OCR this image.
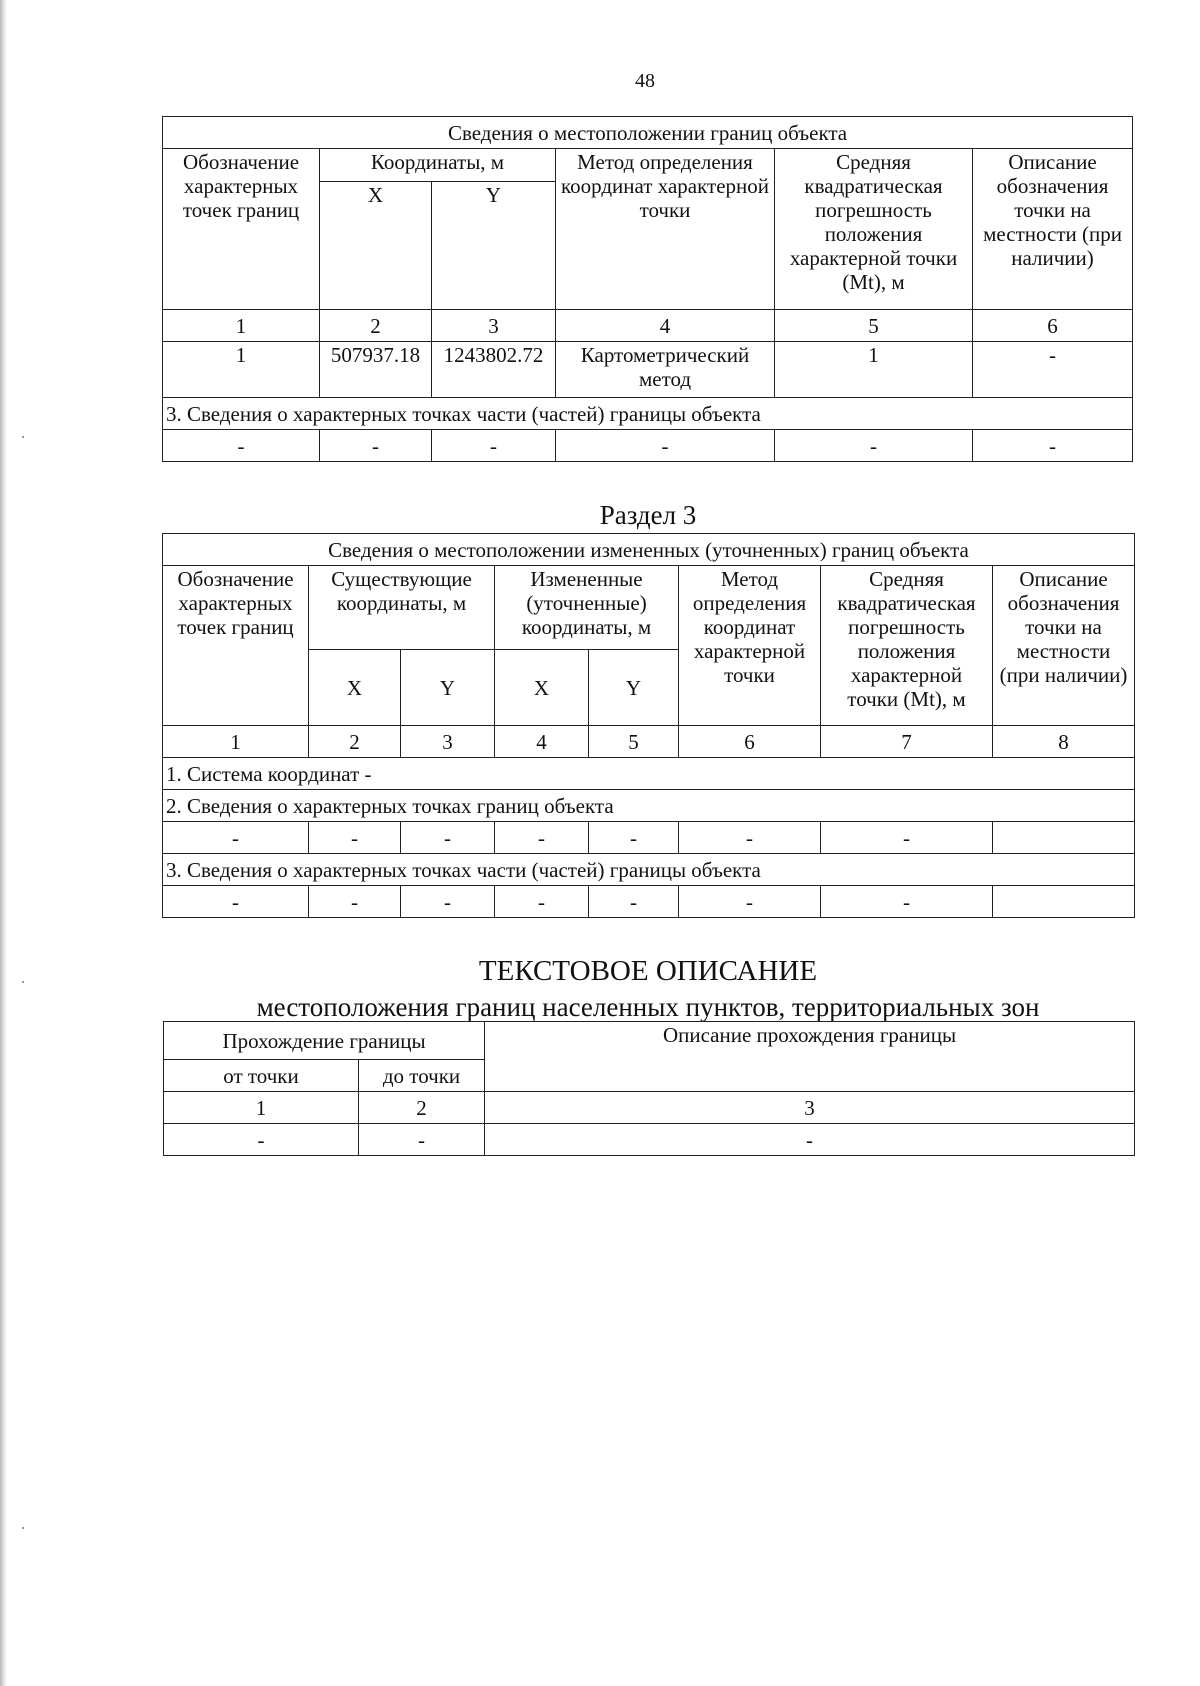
48
Сведения о местоположении границ объекта					
Обозначение характерных точек границ	Координаты, м		Метод определения координат характерной точки	Средняя квадратическая погрешность положения характерной точки (Mt), м	Описание обозначения точки на местности (при наличии)
	X	Y			
1	2	3	4	5	6
1	507937.18	1243802.72	Картометрический метод	1	-
3. Сведения о характерных точках части (частей) границы объекта					
-	-	-	-	-	-
Раздел 3
Сведения о местоположении измененных (уточненных) границ объекта							
Обозначение характерных точек границ	Существующие координаты, м		Измененные (уточненные) координаты, м		Метод определения координат характерной точки	Средняя квадратическая погрешность положения характерной точки (Mt), м	Описание обозначения точки на местности (при наличии)
	X	Y	X	Y			
1	2	3	4	5	6	7	8
1. Система координат -							
2. Сведения о характерных точках границ объекта							
-	-	-	-	-	-	-	
3. Сведения о характерных точках части (частей) границы объекта							
-	-	-	-	-	-	-	
ТЕКСТОВОЕ ОПИСАНИЕ
местоположения границ населенных пунктов, территориальных зон
Прохождение границы		Описание прохождения границы
от точки	до точки	
1	2	3
-	-	-
